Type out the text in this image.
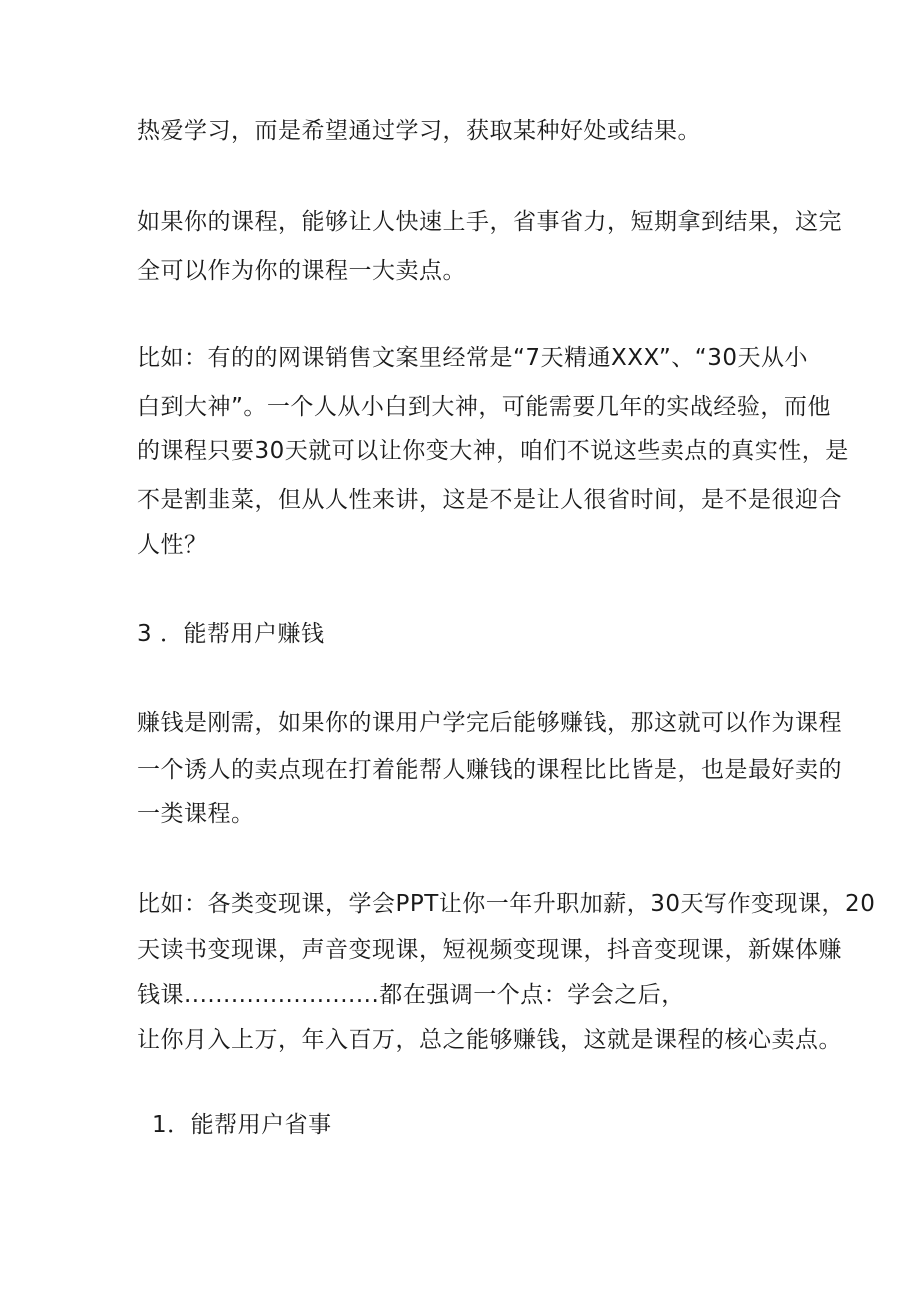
热爱学习，而是希望通过学习，获取某种好处或结果。
如果你的课程，能够让人快速上手，省事省力，短期拿到结果，这完
全可以作为你的课程一大卖点。
比如：有的的网课销售文案里经常是“7天精通XXX”、“30天从小
白到大神”。一个人从小白到大神，可能需要几年的实战经验，而他
的课程只要30天就可以让你变大神，咱们不说这些卖点的真实性，是
不是割韭菜，但从人性来讲，这是不是让人很省时间，是不是很迎合
人性？
3 ．能帮用户赚钱
赚钱是刚需，如果你的课用户学完后能够赚钱，那这就可以作为课程
一个诱人的卖点现在打着能帮人赚钱的课程比比皆是，也是最好卖的
一类课程。
比如：各类变现课，学会PPT让你一年升职加薪，30天写作变现课，20
天读书变现课，声音变现课，短视频变现课，抖音变现课，新媒体赚
钱课.........................都在强调一个点：学会之后，
让你月入上万，年入百万，总之能够赚钱，这就是课程的核心卖点。
1．能帮用户省事
